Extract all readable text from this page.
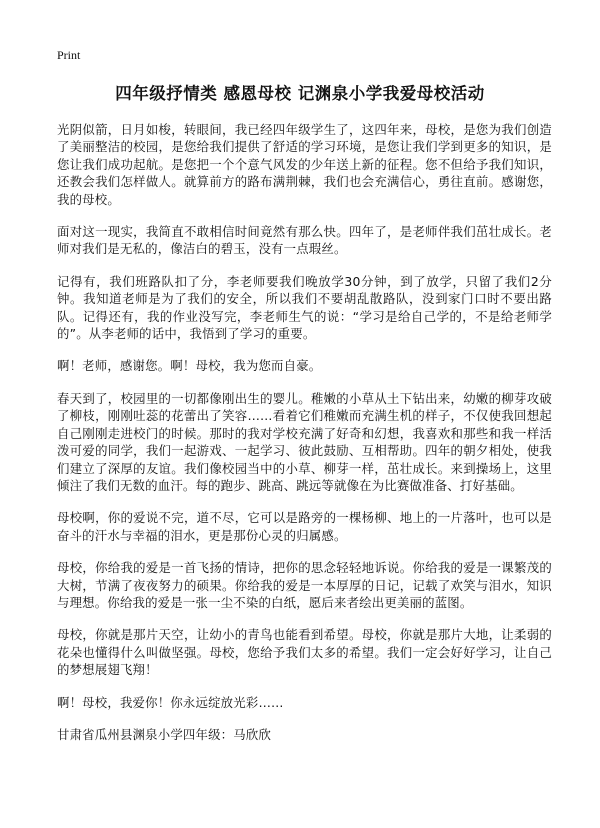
Print
四年级抒情类 感恩母校 记渊泉小学我爱母校活动

光阴似箭，日月如梭，转眼间，我已经四年级学生了，这四年来，母校，是您为我们创造了美丽整洁的校园，是您给我们提供了舒适的学习环境，是您让我们学到更多的知识，是您让我们成功起航。是您把一个个意气风发的少年送上新的征程。您不但给予我们知识，还教会我们怎样做人。就算前方的路布满荆棘，我们也会充满信心，勇往直前。感谢您，我的母校。

面对这一现实，我简直不敢相信时间竟然有那么快。四年了，是老师伴我们茁壮成长。老师对我们是无私的，像洁白的碧玉，没有一点瑕丝。

记得有，我们班路队扣了分，李老师要我们晚放学30分钟，到了放学，只留了我们2分钟。我知道老师是为了我们的安全，所以我们不要胡乱散路队，没到家门口时不要出路队。记得还有，我的作业没写完，李老师生气的说：“学习是给自己学的，不是给老师学的”。从李老师的话中，我悟到了学习的重要。

啊！老师，感谢您。啊！母校，我为您而自豪。

春天到了，校园里的一切都像刚出生的婴儿。稚嫩的小草从土下钻出来，幼嫩的柳芽攻破了柳枝，刚刚吐蕊的花蕾出了笑容……看着它们稚嫩而充满生机的样子，不仅使我回想起自己刚刚走进校门的时候。那时的我对学校充满了好奇和幻想，我喜欢和那些和我一样活泼可爱的同学，我们一起游戏、一起学习、彼此鼓励、互相帮助。四年的朝夕相处，使我们建立了深厚的友谊。我们像校园当中的小草、柳芽一样，茁壮成长。来到操场上，这里倾注了我们无数的血汗。每的跑步、跳高、跳远等就像在为比赛做准备、打好基础。

母校啊，你的爱说不完，道不尽，它可以是路旁的一棵杨柳、地上的一片落叶，也可以是奋斗的汗水与幸福的泪水，更是那份心灵的归属感。

母校，你给我的爱是一首飞扬的情诗，把你的思念轻轻地诉说。你给我的爱是一课繁茂的大树，节满了夜夜努力的硕果。你给我的爱是一本厚厚的日记，记载了欢笑与泪水，知识与理想。你给我的爱是一张一尘不染的白纸，愿后来者绘出更美丽的蓝图。

母校，你就是那片天空，让幼小的青鸟也能看到希望。母校，你就是那片大地，让柔弱的花朵也懂得什么叫做坚强。母校，您给予我们太多的希望。我们一定会好好学习，让自己的梦想展翅飞翔！

啊！母校，我爱你！你永远绽放光彩……

甘肃省瓜州县渊泉小学四年级：马欣欣
